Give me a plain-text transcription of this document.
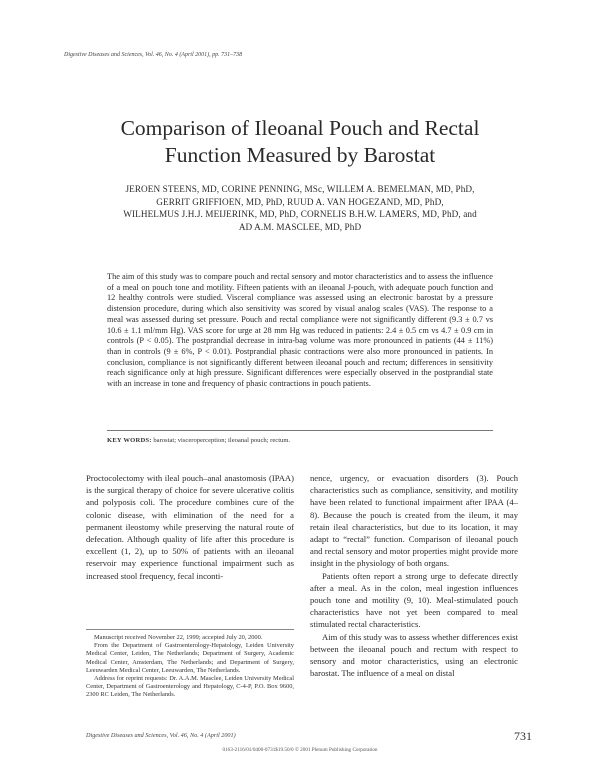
Digestive Diseases and Sciences, Vol. 46, No. 4 (April 2001), pp. 731–738
Comparison of Ileoanal Pouch and Rectal
Function Measured by Barostat
JEROEN STEENS, MD, CORINE PENNING, MSc, WILLEM A. BEMELMAN, MD, PhD,
GERRIT GRIFFIOEN, MD, PhD, RUUD A. VAN HOGEZAND, MD, PhD,
WILHELMUS J.H.J. MEIJERINK, MD, PhD, CORNELIS B.H.W. LAMERS, MD, PhD, and
AD A.M. MASCLEE, MD, PhD
The aim of this study was to compare pouch and rectal sensory and motor characteristics and to assess the influence of a meal on pouch tone and motility. Fifteen patients with an ileoanal J-pouch, with adequate pouch function and 12 healthy controls were studied. Visceral compliance was assessed using an electronic barostat by a pressure distension procedure, during which also sensitivity was scored by visual analog scales (VAS). The response to a meal was assessed during set pressure. Pouch and rectal compliance were not significantly different (9.3 ± 0.7 vs 10.6 ± 1.1 ml/mm Hg). VAS score for urge at 28 mm Hg was reduced in patients: 2.4 ± 0.5 cm vs 4.7 ± 0.9 cm in controls (P < 0.05). The postprandial decrease in intra-bag volume was more pronounced in patients (44 ± 11%) than in controls (9 ± 6%, P < 0.01). Postprandial phasic contractions were also more pronounced in patients. In conclusion, compliance is not significantly different between ileoanal pouch and rectum; differences in sensitivity reach significance only at high pressure. Significant differences were especially observed in the postprandial state with an increase in tone and frequency of phasic contractions in pouch patients.
KEY WORDS: barostat; visceroperception; ileoanal pouch; rectum.

Proctocolectomy with ileal pouch–anal anastomosis (IPAA) is the surgical therapy of choice for severe ulcerative colitis and polyposis coli. The procedure combines cure of the colonic disease, with elimination of the need for a permanent ileostomy while preserving the natural route of defecation. Although quality of life after this procedure is excellent (1, 2), up to 50% of patients with an ileoanal reservoir may experience functional impairment such as increased stool frequency, fecal inconti-

Manuscript received November 22, 1999; accepted July 20, 2000.

From the Department of Gastroenterology-Hepatology, Leiden University Medical Center, Leiden, The Netherlands; Department of Surgery, Academic Medical Center, Amsterdam, The Netherlands; and Department of Surgery, Leeuwarden Medical Center, Leeuwarden, The Netherlands.

Address for reprint requests: Dr. A.A.M. Masclee, Leiden University Medical Center, Department of Gastroenterology and Hepatology, C-4-P, P.O. Box 9600, 2300 RC Leiden, The Netherlands.

nence, urgency, or evacuation disorders (3). Pouch characteristics such as compliance, sensitivity, and motility have been related to functional impairment after IPAA (4–8). Because the pouch is created from the ileum, it may retain ileal characteristics, but due to its location, it may adapt to “rectal” function. Comparison of ileoanal pouch and rectal sensory and motor properties might provide more insight in the physiology of both organs.

Patients often report a strong urge to defecate directly after a meal. As in the colon, meal ingestion influences pouch tone and motility (9, 10). Meal-stimulated pouch characteristics have not yet been compared to meal stimulated rectal characteristics.

Aim of this study was to assess whether differences exist between the ileoanal pouch and rectum with respect to sensory and motor characteristics, using an electronic barostat. The influence of a meal on distal

Digestive Diseases and Sciences, Vol. 46, No. 4 (April 2001)	731
0163-2116/01/0400-0731$19.50/0 © 2001 Plenum Publishing Corporation
